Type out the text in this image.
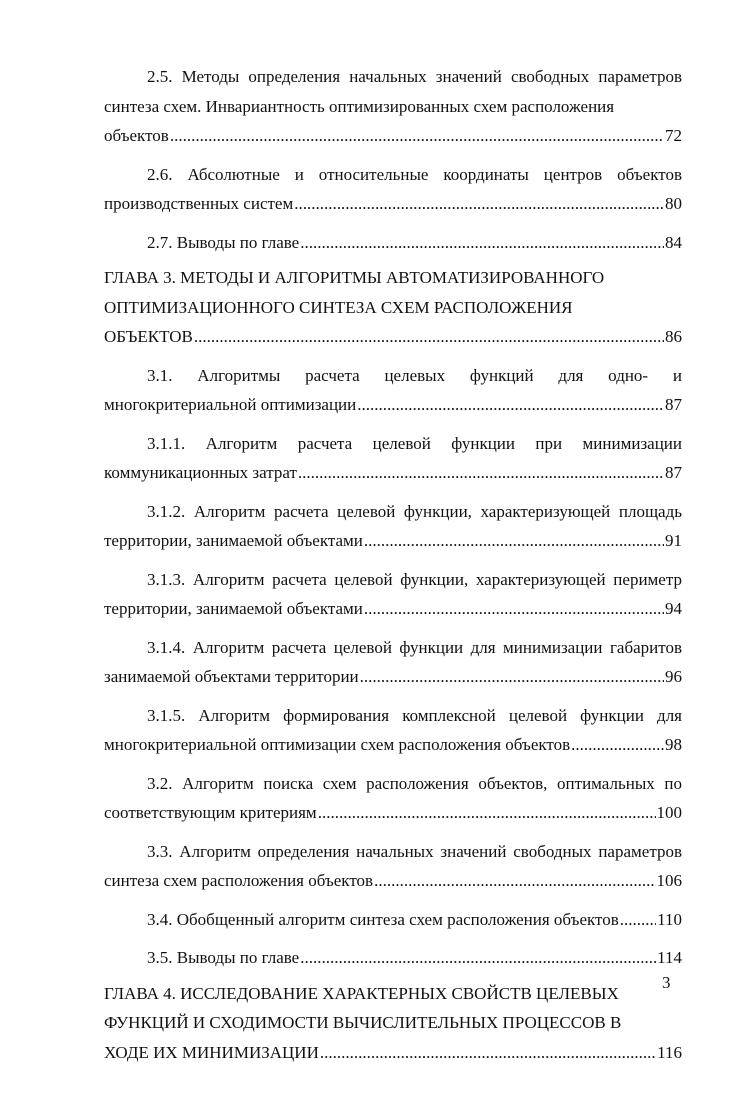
2.5. Методы определения начальных значений свободных параметров
синтеза схем. Инвариантность оптимизированных схем расположения
объектов .....	72
2.6. Абсолютные и относительные координаты центров объектов
производственных систем .....	80
2.7. Выводы по главе .....	84
ГЛАВА 3. МЕТОДЫ И АЛГОРИТМЫ АВТОМАТИЗИРОВАННОГО
ОПТИМИЗАЦИОННОГО СИНТЕЗА СХЕМ РАСПОЛОЖЕНИЯ
ОБЪЕКТОВ .....	86
3.1. Алгоритмы расчета целевых функций для одно- и
многокритериальной оптимизации .....	87
3.1.1. Алгоритм расчета целевой функции при минимизации
коммуникационных затрат .....	87
3.1.2. Алгоритм расчета целевой функции, характеризующей площадь
территории, занимаемой объектами .....	91
3.1.3. Алгоритм расчета целевой функции, характеризующей периметр
территории, занимаемой объектами .....	94
3.1.4. Алгоритм расчета целевой функции для минимизации габаритов
занимаемой объектами территории .....	96
3.1.5. Алгоритм формирования комплексной целевой функции для
многокритериальной оптимизации схем расположения объектов .....	98
3.2. Алгоритм поиска схем расположения объектов, оптимальных по
соответствующим критериям .....	100
3.3. Алгоритм определения начальных значений свободных параметров
синтеза схем расположения объектов .....	106
3.4. Обобщенный алгоритм синтеза схем расположения объектов ..... 110
3.5. Выводы по главе .....	114
ГЛАВА 4. ИССЛЕДОВАНИЕ ХАРАКТЕРНЫХ СВОЙСТВ ЦЕЛЕВЫХ
ФУНКЦИЙ И СХОДИМОСТИ ВЫЧИСЛИТЕЛЬНЫХ ПРОЦЕССОВ В
ХОДЕ ИХ МИНИМИЗАЦИИ .....	116
3
